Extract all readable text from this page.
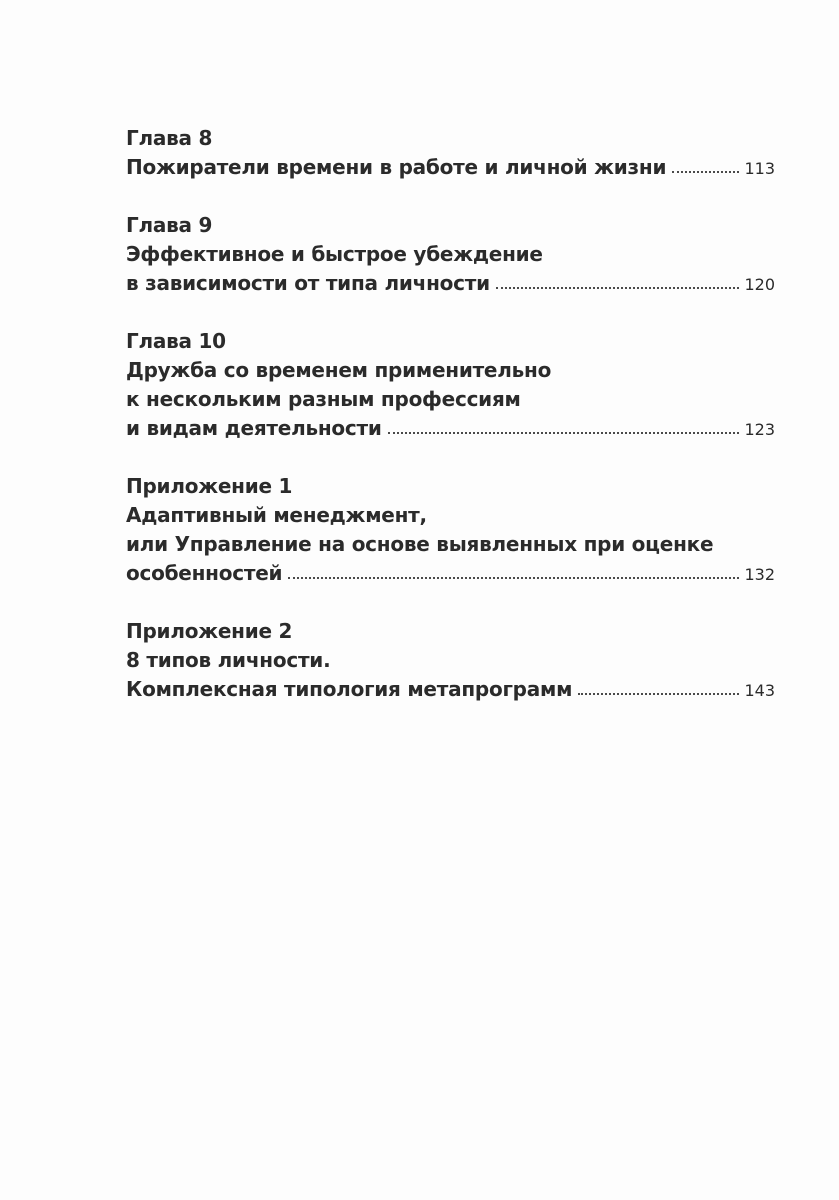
Глава 8
Пожиратели времени в работе и личной жизни	113
Глава 9
Эффективное и быстрое убеждение
в зависимости от типа личности	120
Глава 10
Дружба со временем применительно
к нескольким разным профессиям
и видам деятельности	123
Приложение 1
Адаптивный менеджмент,
или Управление на основе выявленных при оценке
особенностей	132
Приложение 2
8 типов личности.
Комплексная типология метапрограмм	143
